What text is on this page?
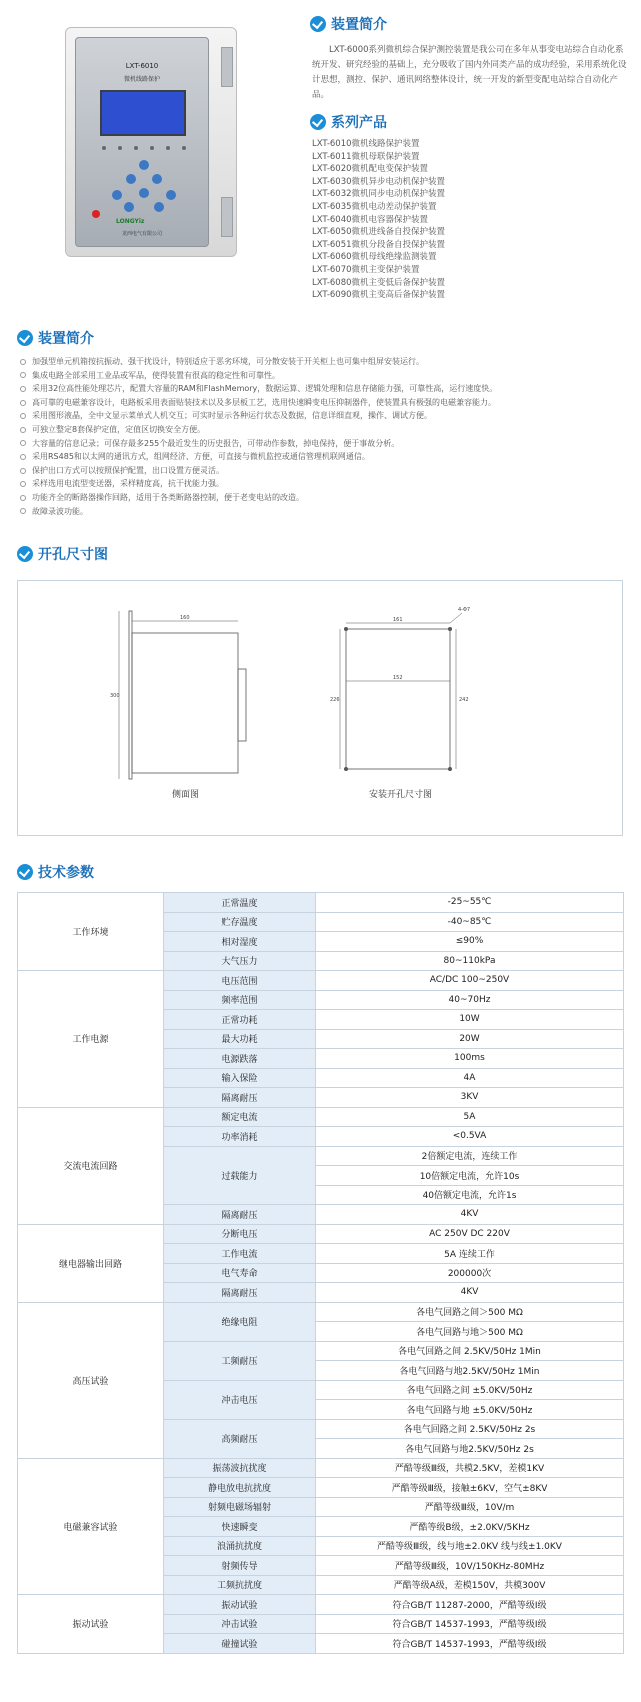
LXT-6010
微机线路保护
LONGYiz
龙西电气有限公司
装置简介

LXT-6000系列微机综合保护测控装置是我公司在多年从事变电站综合自动化系统开发、研究经验的基础上，充分吸收了国内外同类产品的成功经验，采用系统化设计思想，测控、保护、通讯网络整体设计，统一开发的新型变配电站综合自动化产品。

系列产品
LXT-6010微机线路保护装置
LXT-6011微机母联保护装置
LXT-6020微机配电变保护装置
LXT-6030微机异步电动机保护装置
LXT-6032微机同步电动机保护装置
LXT-6035微机电动差动保护装置
LXT-6040微机电容器保护装置
LXT-6050微机进线备自投保护装置
LXT-6051微机分段备自投保护装置
LXT-6060微机母线绝缘监测装置
LXT-6070微机主变保护装置
LXT-6080微机主变低后备保护装置
LXT-6090微机主变高后备保护装置
装置简介
加强型单元机箱按抗振动、强干扰设计，特别适应于恶劣环境，可分散安装于开关柜上也可集中组屏安装运行。
集成电路全部采用工业品或军品，使得装置有很高的稳定性和可靠性。
采用32位高性能处理芯片，配置大容量的RAM和FlashMemory，数据运算、逻辑处理和信息存储能力强，可靠性高，运行速度快。
高可靠的电磁兼容设计，电路板采用表面贴装技术以及多层板工艺，选用快速瞬变电压抑制器件，使装置具有极强的电磁兼容能力。
采用图形液晶，全中文显示菜单式人机交互；可实时显示各种运行状态及数据，信息详细直观，操作、调试方便。
可独立整定8套保护定值，定值区切换安全方便。
大容量的信息记录；可保存最多255个最近发生的历史报告，可带动作参数，掉电保持，便于事故分析。
采用RS485和以太网的通讯方式，组网经济、方便，可直接与微机监控或通信管理机联网通信。
保护出口方式可以按照保护配置，出口设置方便灵活。
采样选用电流型变送器，采样精度高，抗干扰能力强。
功能齐全的断路器操作回路，适用于各类断路器控制，便于老变电站的改造。
故障录波功能。
开孔尺寸图
160
300
161
152
226	242
4-Φ7
侧面图	安装开孔尺寸图
技术参数
工作环境	正常温度	-25~55℃
	贮存温度	-40~85℃
	相对湿度	≤90%
	大气压力	80~110kPa
工作电源	电压范围	AC/DC 100~250V
	频率范围	40~70Hz
	正常功耗	10W
	最大功耗	20W
	电源跌落	100ms
	输入保险	4A
	隔离耐压	3KV
交流电流回路	额定电流	5A
	功率消耗	<0.5VA
	过载能力	2倍额定电流，连续工作
		10倍额定电流，允许10s
		40倍额定电流，允许1s
	隔离耐压	4KV
继电器输出回路	分断电压	AC 250V DC 220V
	工作电流	5A 连续工作
	电气寿命	200000次
	隔离耐压	4KV
高压试验	绝缘电阻	各电气回路之间＞500 MΩ
		各电气回路与地＞500 MΩ
	工频耐压	各电气回路之间 2.5KV/50Hz 1Min
		各电气回路与地2.5KV/50Hz 1Min
	冲击电压	各电气回路之间 ±5.0KV/50Hz
		各电气回路与地 ±5.0KV/50Hz
	高频耐压	各电气回路之间 2.5KV/50Hz 2s
		各电气回路与地2.5KV/50Hz 2s
电磁兼容试验	振荡波抗扰度	严酷等级Ⅲ级，共模2.5KV，差模1KV
	静电放电抗扰度	严酷等级Ⅲ级，接触±6KV，空气±8KV
	射频电磁场辐射	严酷等级Ⅲ级，10V/m
	快速瞬变	严酷等级B级，±2.0KV/5KHz
	浪涌抗扰度	严酷等级Ⅲ级，线与地±2.0KV 线与线±1.0KV
	射频传导	严酷等级Ⅲ级，10V/150KHz-80MHz
	工频抗扰度	严酷等级A级，差模150V，共模300V
振动试验	振动试验	符合GB/T 11287-2000，严酷等级Ⅰ级
	冲击试验	符合GB/T 14537-1993，严酷等级Ⅰ级
	碰撞试验	符合GB/T 14537-1993，严酷等级Ⅰ级
